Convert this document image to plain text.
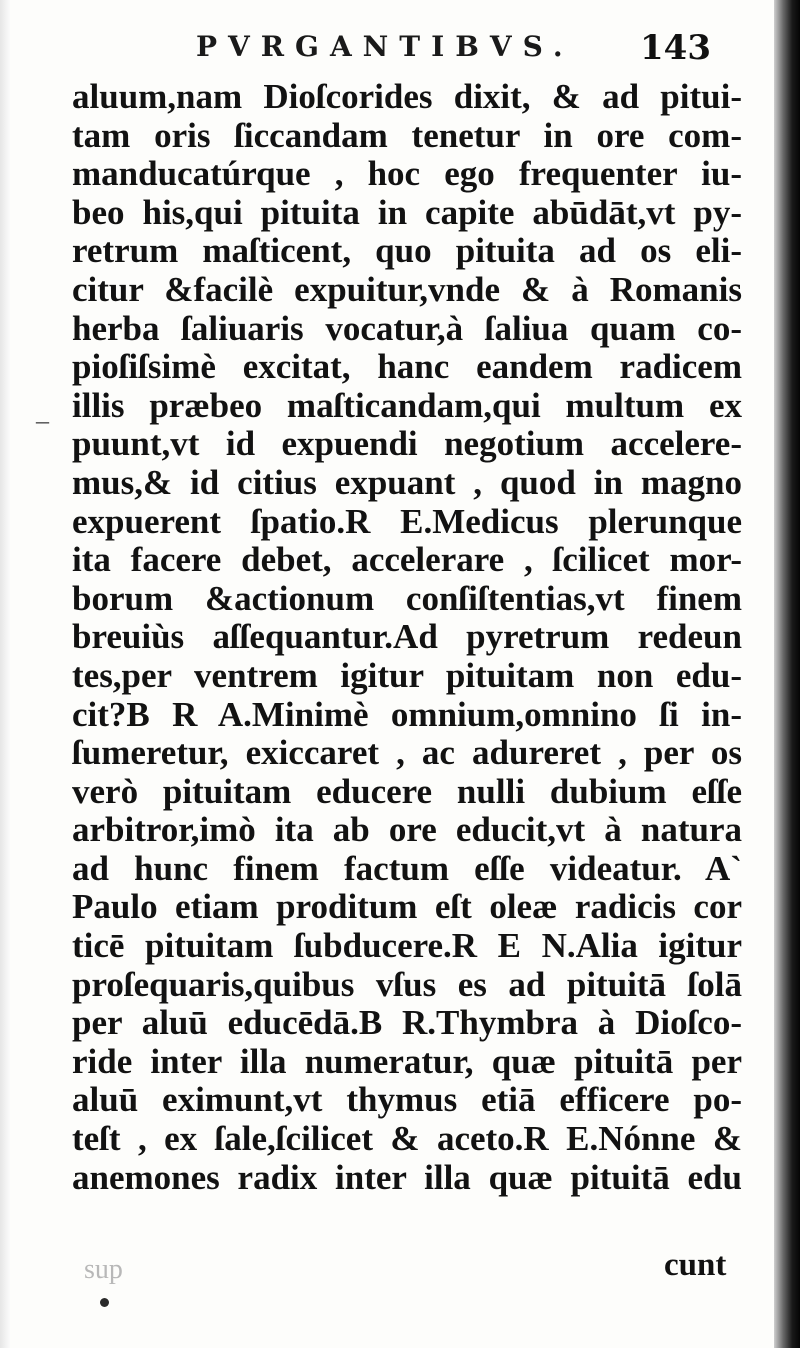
PVRGANTIBVS. 143
–
aluum,nam Dioſcorides dixit, & ad pitui-
tam oris ſiccandam tenetur in ore com-
manducatúrque , hoc ego frequenter iu-
beo his,qui pituita in capite abūdāt,vt py-
retrum maſticent, quo pituita ad os eli-
citur &facilè expuitur,vnde & à Romanis
herba ſaliuaris vocatur,à ſaliua quam co-
pioſiſsimè excitat, hanc eandem radicem
illis præbeo maſticandam,qui multum ex
puunt,vt id expuendi negotium accelere-
mus,& id citius expuant , quod in magno
expuerent ſpatio.R E.Medicus plerunque
ita facere debet, accelerare , ſcilicet mor-
borum &actionum conſiſtentias,vt finem
breuiùs aſſequantur.Ad pyretrum redeun
tes,per ventrem igitur pituitam non edu-
cit?B R A.Minimè omnium,omnino ſi in-
ſumeretur, exiccaret , ac adureret , per os
verò pituitam educere nulli dubium eſſe
arbitror,imò ita ab ore educit,vt à natura
ad hunc finem factum eſſe videatur. A`
Paulo etiam proditum eſt oleæ radicis cor
ticē pituitam ſubducere.R E N.Alia igitur
proſequaris,quibus vſus es ad pituitā ſolā
per aluū educēdā.B R.Thymbra à Dioſco-
ride inter illa numeratur, quæ pituitā per
aluū eximunt,vt thymus etiā efficere po-
teſt , ex ſale,ſcilicet & aceto.R E.Nónne &
anemones radix inter illa quæ pituitā edu
sup	cunt
